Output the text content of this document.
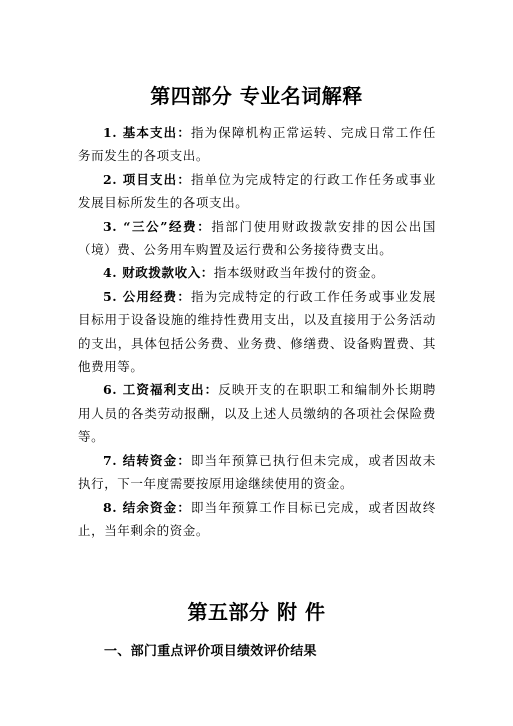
第四部分 专业名词解释

1. 基本支出：指为保障机构正常运转、完成日常工作任务而发生的各项支出。

2. 项目支出：指单位为完成特定的行政工作任务或事业发展目标所发生的各项支出。

3. “三公”经费：指部门使用财政拨款安排的因公出国（境）费、公务用车购置及运行费和公务接待费支出。

4. 财政拨款收入：指本级财政当年拨付的资金。

5. 公用经费：指为完成特定的行政工作任务或事业发展目标用于设备设施的维持性费用支出，以及直接用于公务活动的支出，具体包括公务费、业务费、修缮费、设备购置费、其他费用等。

6. 工资福利支出：反映开支的在职职工和编制外长期聘用人员的各类劳动报酬，以及上述人员缴纳的各项社会保险费等。

7. 结转资金：即当年预算已执行但未完成，或者因故未执行，下一年度需要按原用途继续使用的资金。

8. 结余资金：即当年预算工作目标已完成，或者因故终止，当年剩余的资金。

第五部分 附 件
一、部门重点评价项目绩效评价结果
